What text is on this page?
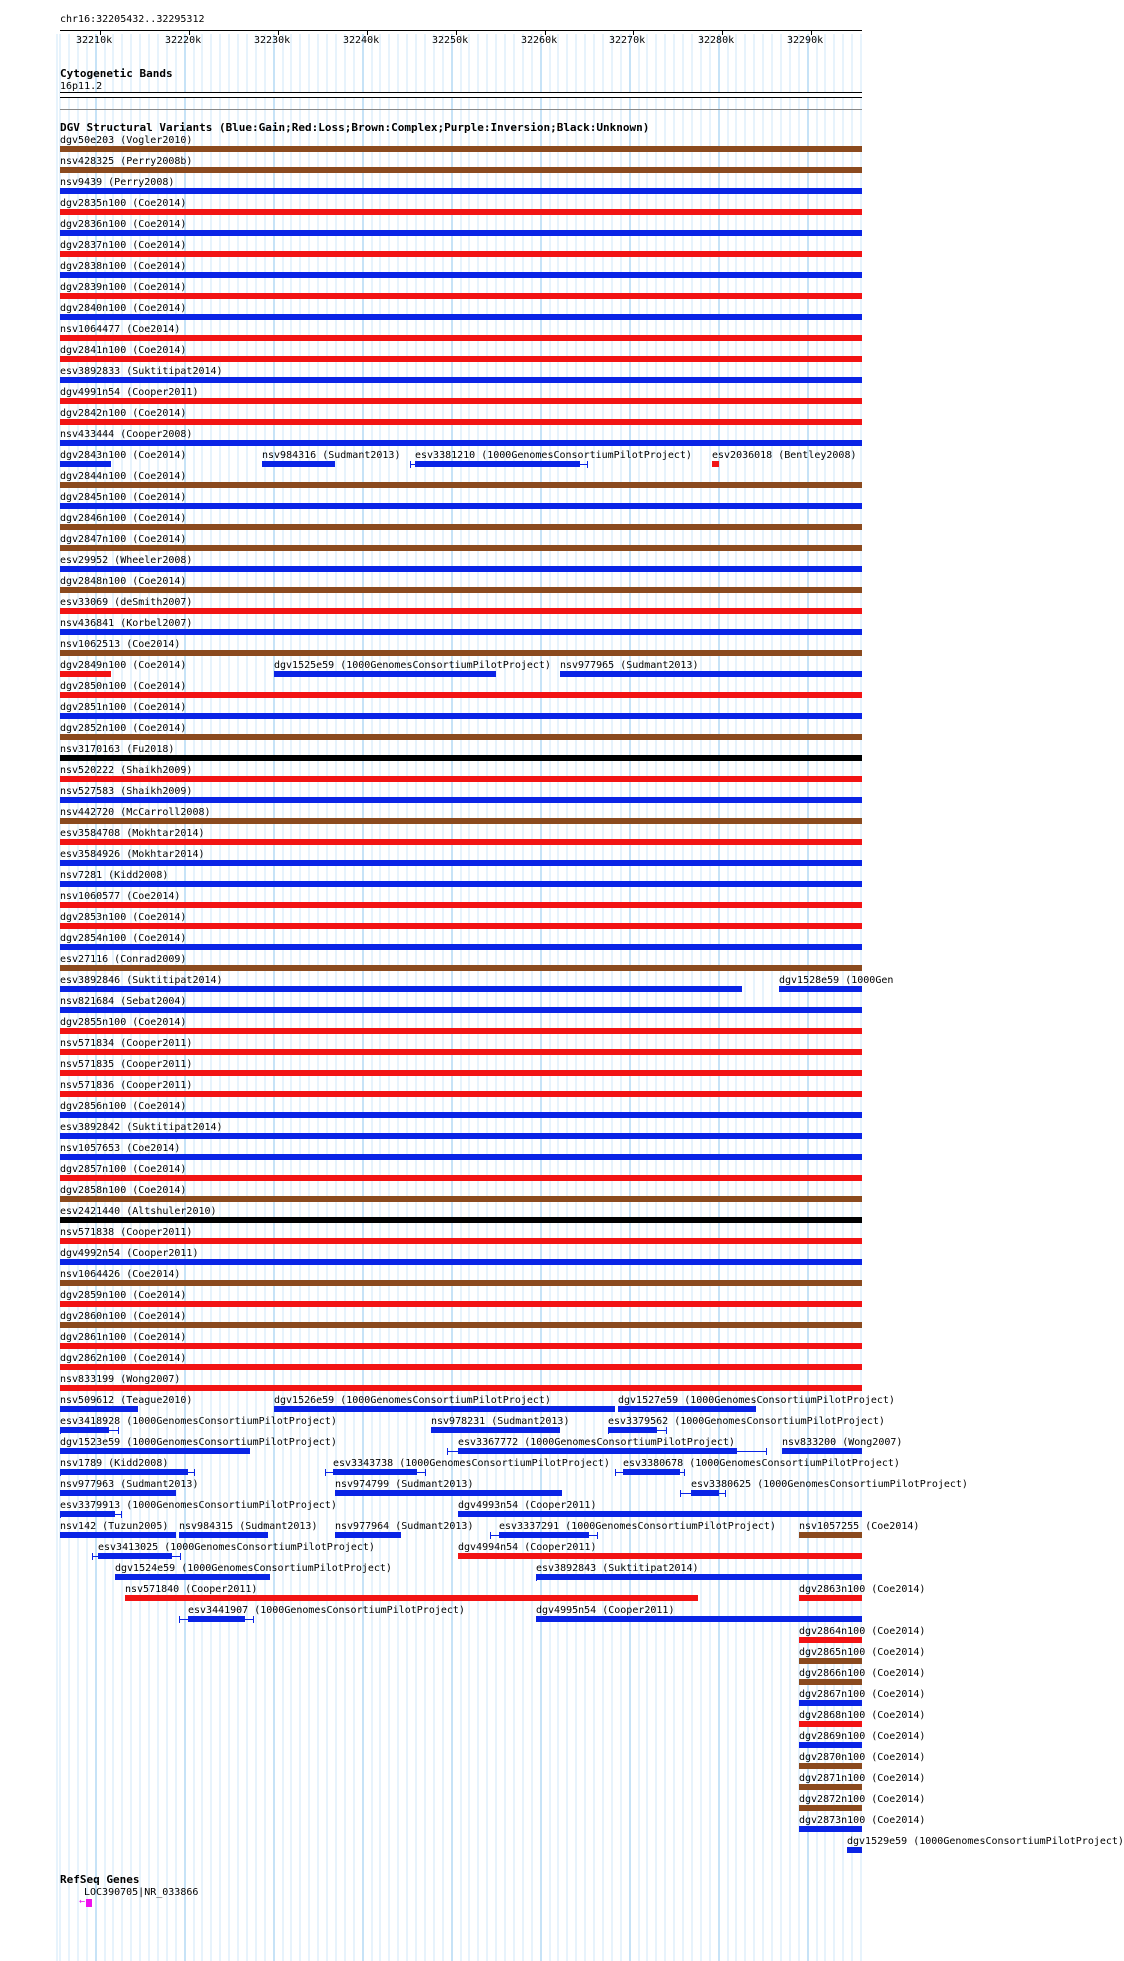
chr16:32205432..32295312
32210k	32220k	32230k	32240k	32250k	32260k	32270k	32280k	32290k
Cytogenetic Bands
16p11.2
DGV Structural Variants (Blue:Gain;Red:Loss;Brown:Complex;Purple:Inversion;Black:Unknown)
dgv50e203 (Vogler2010)
nsv428325 (Perry2008b)
nsv9439 (Perry2008)
dgv2835n100 (Coe2014)
dgv2836n100 (Coe2014)
dgv2837n100 (Coe2014)
dgv2838n100 (Coe2014)
dgv2839n100 (Coe2014)
dgv2840n100 (Coe2014)
nsv1064477 (Coe2014)
dgv2841n100 (Coe2014)
esv3892833 (Suktitipat2014)
dgv4991n54 (Cooper2011)
dgv2842n100 (Coe2014)
nsv433444 (Cooper2008)
dgv2843n100 (Coe2014)	nsv984316 (Sudmant2013) esv3381210 (1000GenomesConsortiumPilotProject) esv2036018 (Bentley2008)
dgv2844n100 (Coe2014)
dgv2845n100 (Coe2014)
dgv2846n100 (Coe2014)
dgv2847n100 (Coe2014)
esv29952 (Wheeler2008)
dgv2848n100 (Coe2014)
esv33069 (deSmith2007)
nsv436841 (Korbel2007)
nsv1062513 (Coe2014)
dgv2849n100 (Coe2014)	dgv1525e59 (1000GenomesConsortiumPilotProject) nsv977965 (Sudmant2013)
dgv2850n100 (Coe2014)
dgv2851n100 (Coe2014)
dgv2852n100 (Coe2014)
nsv3170163 (Fu2018)
nsv520222 (Shaikh2009)
nsv527583 (Shaikh2009)
nsv442720 (McCarroll2008)
esv3584708 (Mokhtar2014)
esv3584926 (Mokhtar2014)
nsv7281 (Kidd2008)
nsv1060577 (Coe2014)
dgv2853n100 (Coe2014)
dgv2854n100 (Coe2014)
esv27116 (Conrad2009)
esv3892846 (Suktitipat2014)	dgv1528e59 (1000Gen
nsv821684 (Sebat2004)
dgv2855n100 (Coe2014)
nsv571834 (Cooper2011)
nsv571835 (Cooper2011)
nsv571836 (Cooper2011)
dgv2856n100 (Coe2014)
esv3892842 (Suktitipat2014)
nsv1057653 (Coe2014)
dgv2857n100 (Coe2014)
dgv2858n100 (Coe2014)
esv2421440 (Altshuler2010)
nsv571838 (Cooper2011)
dgv4992n54 (Cooper2011)
nsv1064426 (Coe2014)
dgv2859n100 (Coe2014)
dgv2860n100 (Coe2014)
dgv2861n100 (Coe2014)
dgv2862n100 (Coe2014)
nsv833199 (Wong2007)
nsv509612 (Teague2010)	dgv1526e59 (1000GenomesConsortiumPilotProject)	dgv1527e59 (1000GenomesConsortiumPilotProject)
esv3418928 (1000GenomesConsortiumPilotProject)	nsv978231 (Sudmant2013)	esv3379562 (1000GenomesConsortiumPilotProject)
dgv1523e59 (1000GenomesConsortiumPilotProject)	esv3367772 (1000GenomesConsortiumPilotProject)	nsv833200 (Wong2007)
nsv1789 (Kidd2008)	esv3343738 (1000GenomesConsortiumPilotProject) esv3380678 (1000GenomesConsortiumPilotProject)
nsv977963 (Sudmant2013)	nsv974799 (Sudmant2013)	esv3380625 (1000GenomesConsortiumPilotProject)
esv3379913 (1000GenomesConsortiumPilotProject)	dgv4993n54 (Cooper2011)
nsv142 (Tuzun2005) nsv984315 (Sudmant2013) nsv977964 (Sudmant2013)	esv3337291 (1000GenomesConsortiumPilotProject) nsv1057255 (Coe2014)
esv3413025 (1000GenomesConsortiumPilotProject)	dgv4994n54 (Cooper2011)
dgv1524e59 (1000GenomesConsortiumPilotProject)	esv3892843 (Suktitipat2014)
nsv571840 (Cooper2011)	dgv2863n100 (Coe2014)
esv3441907 (1000GenomesConsortiumPilotProject)	dgv4995n54 (Cooper2011)
dgv2864n100 (Coe2014)
dgv2865n100 (Coe2014)
dgv2866n100 (Coe2014)
dgv2867n100 (Coe2014)
dgv2868n100 (Coe2014)
dgv2869n100 (Coe2014)
dgv2870n100 (Coe2014)
dgv2871n100 (Coe2014)
dgv2872n100 (Coe2014)
dgv2873n100 (Coe2014)
dgv1529e59 (1000GenomesConsortiumPilotProject)
RefSeq Genes
LOC390705|NR_033866
←
